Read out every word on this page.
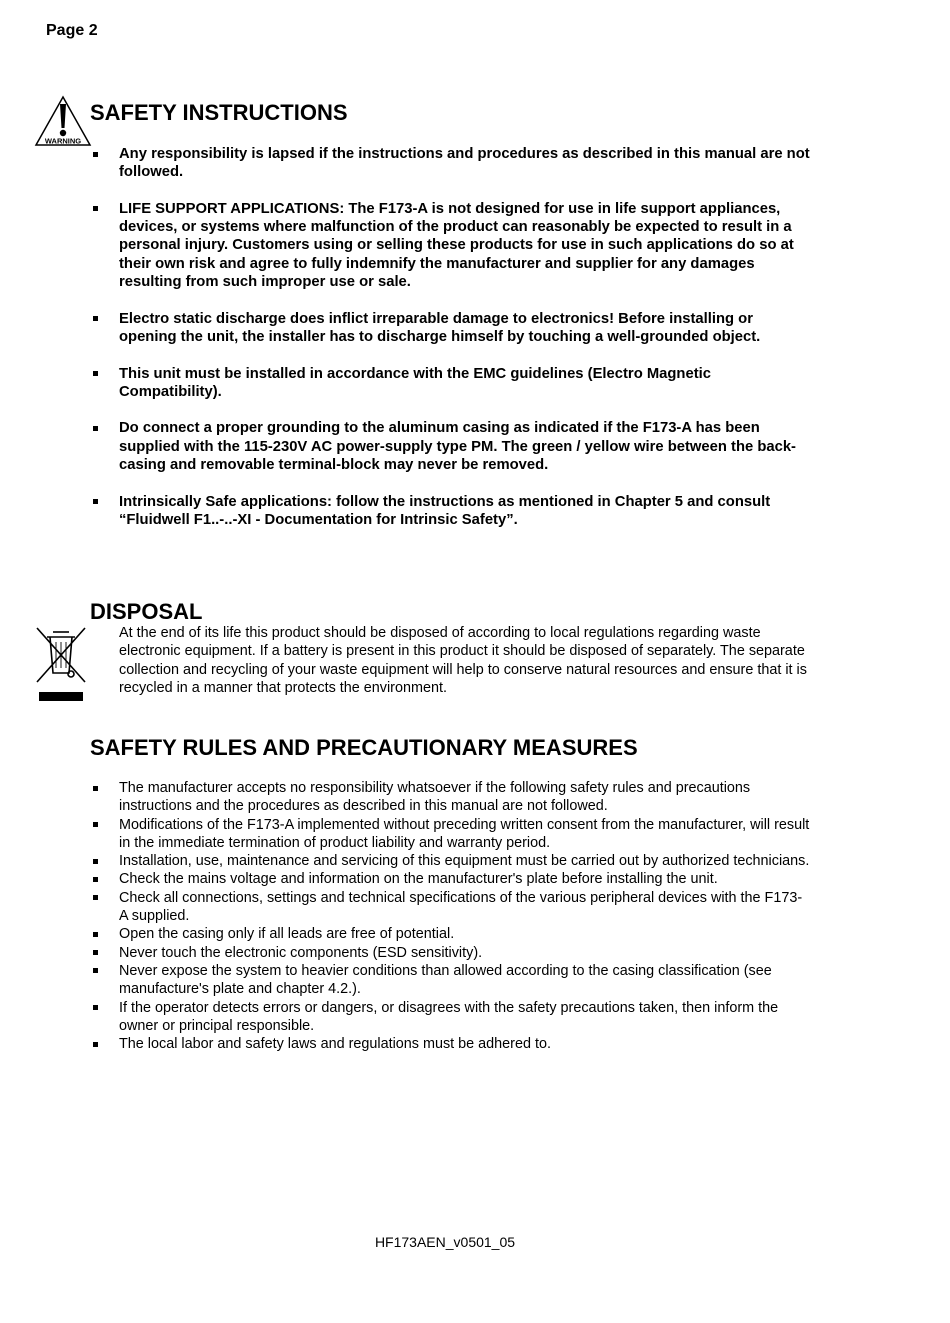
Page 2
WARNING
SAFETY INSTRUCTIONS
Any responsibility is lapsed if the instructions and procedures as described in this manual are not followed.
LIFE SUPPORT APPLICATIONS: The F173-A is not designed for use in life support appliances, devices, or systems where malfunction of the product can reasonably be expected to result in a personal injury. Customers using or selling these products for use in such applications do so at their own risk and agree to fully indemnify the manufacturer and supplier for any damages resulting from such improper use or sale.
Electro static discharge does inflict irreparable damage to electronics! Before installing or opening the unit, the installer has to discharge himself by touching a well-grounded object.
This unit must be installed in accordance with the EMC guidelines (Electro Magnetic Compatibility).
Do connect a proper grounding to the aluminum casing as indicated if the F173-A has been supplied with the 115-230V AC power-supply type PM. The green / yellow wire between the back-casing and removable terminal-block may never be removed.
Intrinsically Safe applications: follow the instructions as mentioned in Chapter 5 and consult “Fluidwell F1..-..-XI - Documentation for Intrinsic Safety”.
DISPOSAL

At the end of its life this product should be disposed of according to local regulations regarding waste electronic equipment. If a battery is present in this product it should be disposed of separately. The separate collection and recycling of your waste equipment will help to conserve natural resources and ensure that it is recycled in a manner that protects the environment.

SAFETY RULES AND PRECAUTIONARY MEASURES
The manufacturer accepts no responsibility whatsoever if the following safety rules and precautions instructions and the procedures as described in this manual are not followed.
Modifications of the F173-A implemented without preceding written consent from the manufacturer, will result in the immediate termination of product liability and warranty period.
Installation, use, maintenance and servicing of this equipment must be carried out by authorized technicians.
Check the mains voltage and information on the manufacturer's plate before installing the unit.
Check all connections, settings and technical specifications of the various peripheral devices with the F173-A supplied.
Open the casing only if all leads are free of potential.
Never touch the electronic components (ESD sensitivity).
Never expose the system to heavier conditions than allowed according to the casing classification (see manufacture's plate and chapter 4.2.).
If the operator detects errors or dangers, or disagrees with the safety precautions taken, then inform the owner or principal responsible.
The local labor and safety laws and regulations must be adhered to.
HF173AEN_v0501_05
